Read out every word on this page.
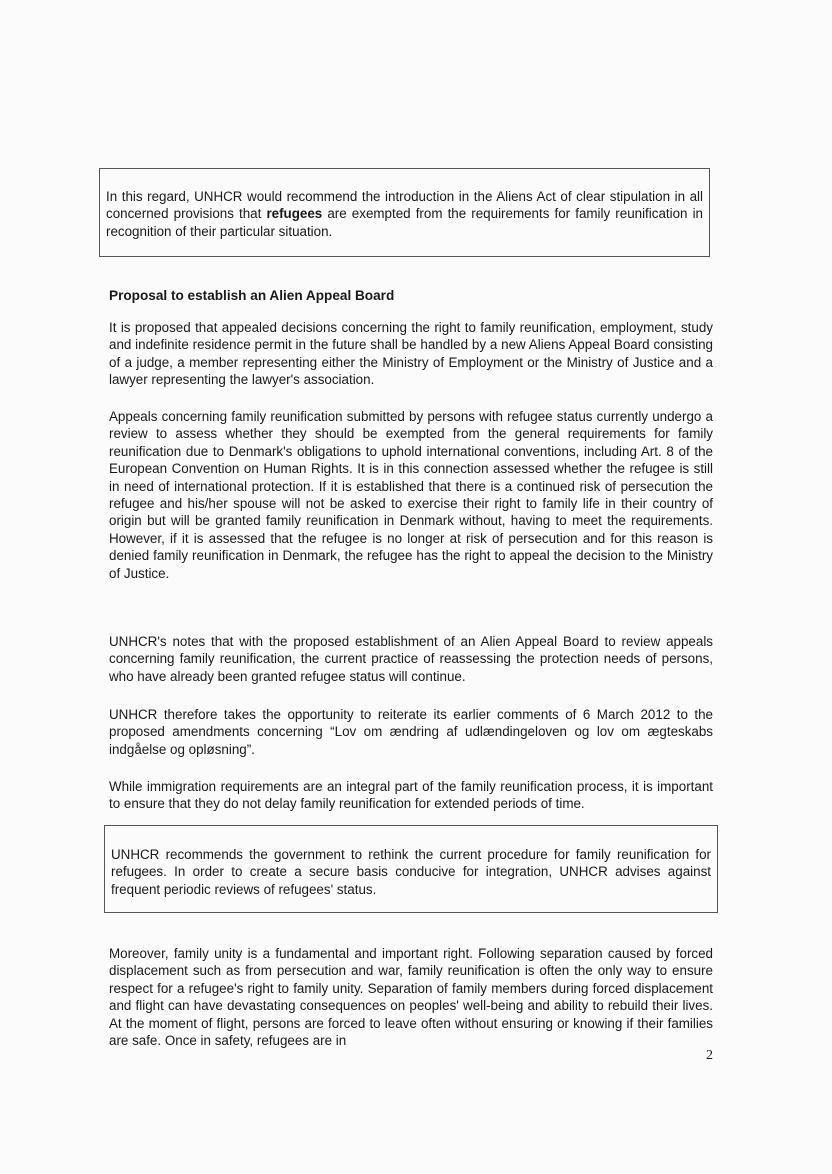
In this regard, UNHCR would recommend the introduction in the Aliens Act of clear stipulation in all concerned provisions that refugees are exempted from the requirements for family reunification in recognition of their particular situation.

Proposal to establish an Alien Appeal Board

It is proposed that appealed decisions concerning the right to family reunification, employment, study and indefinite residence permit in the future shall be handled by a new Aliens Appeal Board consisting of a judge, a member representing either the Ministry of Employment or the Ministry of Justice and a lawyer representing the lawyer's association.

Appeals concerning family reunification submitted by persons with refugee status currently undergo a review to assess whether they should be exempted from the general requirements for family reunification due to Denmark's obligations to uphold international conventions, including Art. 8 of the European Convention on Human Rights. It is in this connection assessed whether the refugee is still in need of international protection. If it is established that there is a continued risk of persecution the refugee and his/her spouse will not be asked to exercise their right to family life in their country of origin but will be granted family reunification in Denmark without, having to meet the requirements. However, if it is assessed that the refugee is no longer at risk of persecution and for this reason is denied family reunification in Denmark, the refugee has the right to appeal the decision to the Ministry of Justice.

UNHCR's notes that with the proposed establishment of an Alien Appeal Board to review appeals concerning family reunification, the current practice of reassessing the protection needs of persons, who have already been granted refugee status will continue.

UNHCR therefore takes the opportunity to reiterate its earlier comments of 6 March 2012 to the proposed amendments concerning “Lov om ændring af udlændingeloven og lov om ægteskabs indgåelse og opløsning”.

While immigration requirements are an integral part of the family reunification process, it is important to ensure that they do not delay family reunification for extended periods of time.

UNHCR recommends the government to rethink the current procedure for family reunification for refugees. In order to create a secure basis conducive for integration, UNHCR advises against frequent periodic reviews of refugees' status.

Moreover, family unity is a fundamental and important right. Following separation caused by forced displacement such as from persecution and war, family reunification is often the only way to ensure respect for a refugee's right to family unity. Separation of family members during forced displacement and flight can have devastating consequences on peoples' well-being and ability to rebuild their lives. At the moment of flight, persons are forced to leave often without ensuring or knowing if their families are safe. Once in safety, refugees are in

2
